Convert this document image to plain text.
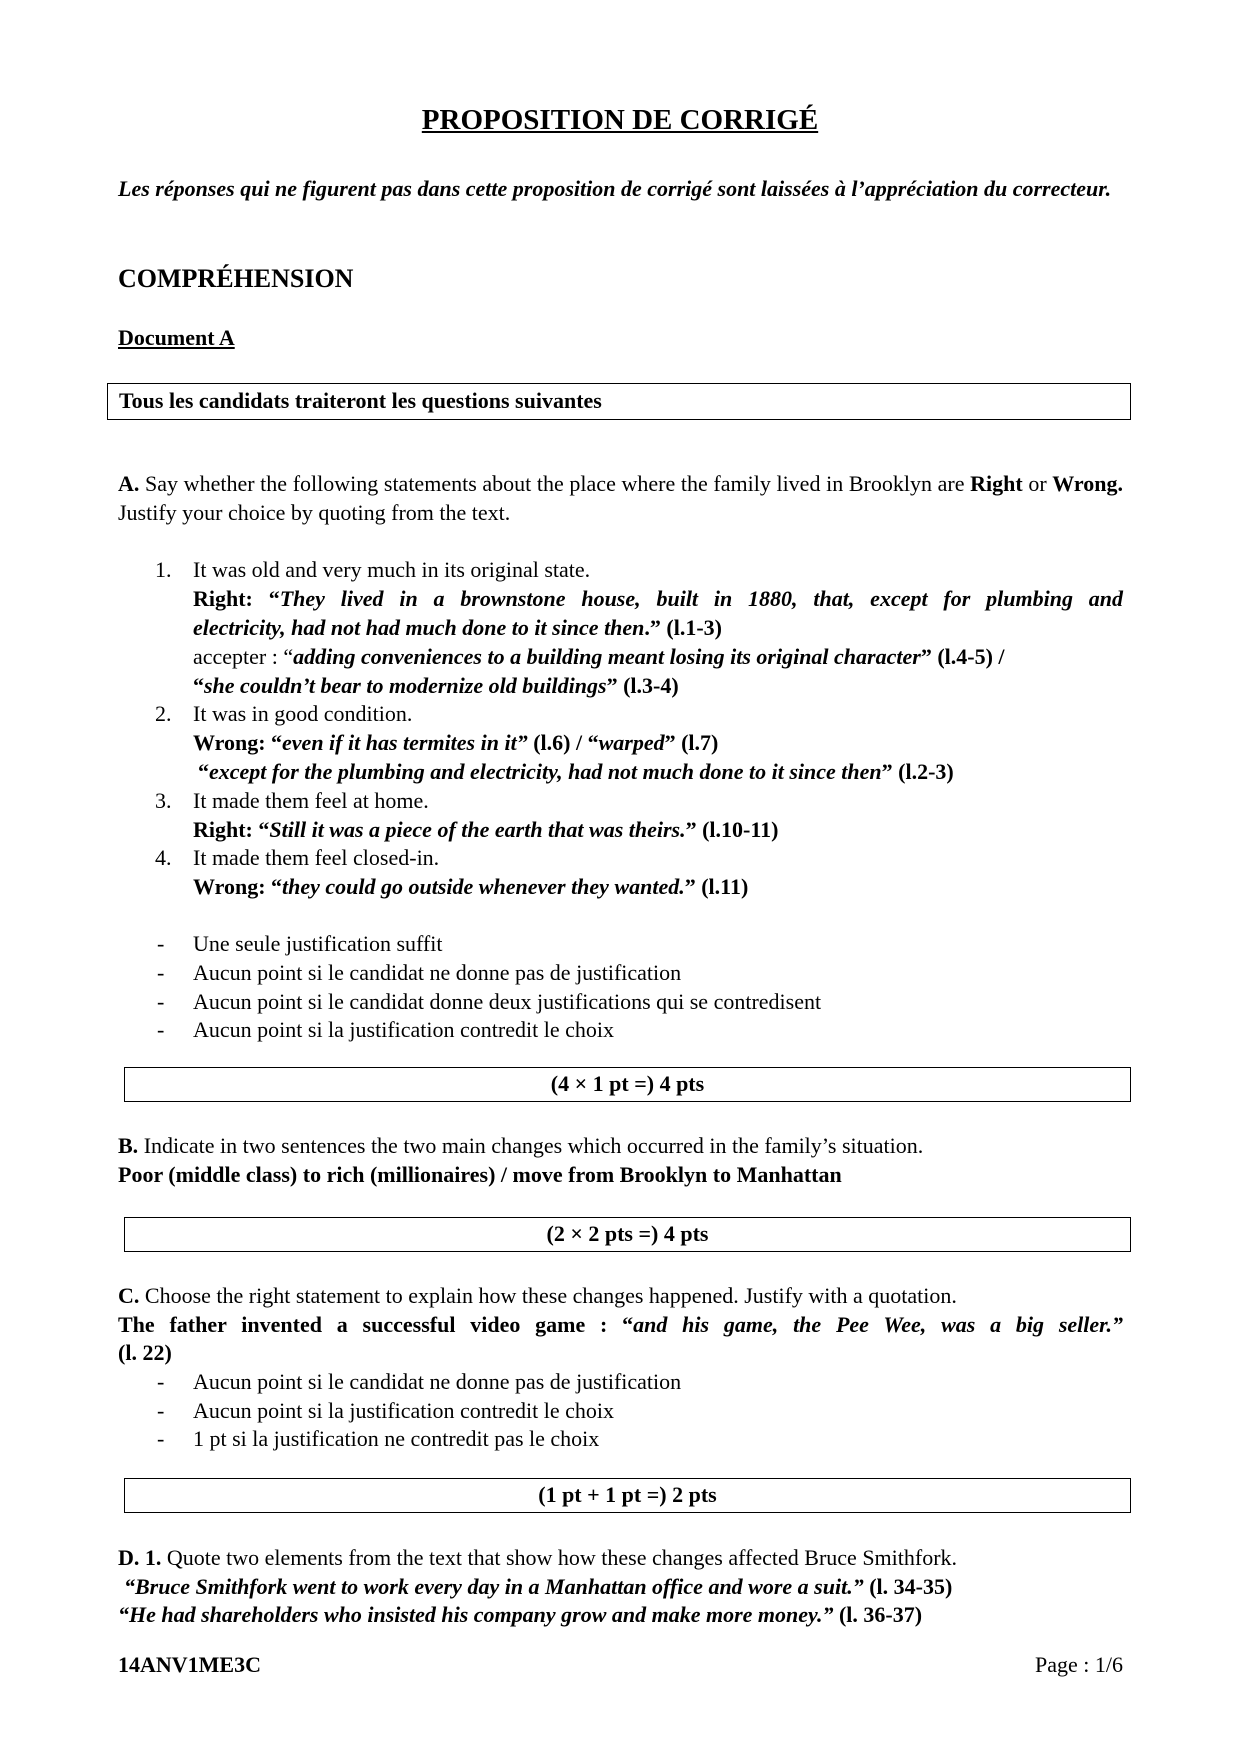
PROPOSITION DE CORRIGÉ
Les réponses qui ne figurent pas dans cette proposition de corrigé sont laissées à l’appréciation du correcteur.
COMPRÉHENSION
Document A
Tous les candidats traiteront les questions suivantes
A. Say whether the following statements about the place where the family lived in Brooklyn are Right or Wrong. Justify your choice by quoting from the text.
1. It was old and very much in its original state.
Right: “They lived in a brownstone house, built in 1880, that, except for plumbing and
electricity, had not had much done to it since then.” (l.1-3)
accepter : “adding conveniences to a building meant losing its original character” (l.4-5) /
“she couldn’t bear to modernize old buildings” (l.3-4)
2. It was in good condition.
Wrong: “even if it has termites in it” (l.6) / “warped” (l.7)
“except for the plumbing and electricity, had not much done to it since then” (l.2-3)
3. It made them feel at home.
Right: “Still it was a piece of the earth that was theirs.” (l.10-11)
4. It made them feel closed-in.
Wrong: “they could go outside whenever they wanted.” (l.11)
- Une seule justification suffit
- Aucun point si le candidat ne donne pas de justification
- Aucun point si le candidat donne deux justifications qui se contredisent
- Aucun point si la justification contredit le choix
(4 × 1 pt =) 4 pts
B. Indicate in two sentences the two main changes which occurred in the family’s situation.
Poor (middle class) to rich (millionaires) / move from Brooklyn to Manhattan
(2 × 2 pts =) 4 pts
C. Choose the right statement to explain how these changes happened. Justify with a quotation.
The father invented a successful video game : “and his game, the Pee Wee, was a big seller.”
(l. 22)
- Aucun point si le candidat ne donne pas de justification
- Aucun point si la justification contredit le choix
- 1 pt si la justification ne contredit pas le choix
(1 pt + 1 pt =) 2 pts
D. 1. Quote two elements from the text that show how these changes affected Bruce Smithfork.
“Bruce Smithfork went to work every day in a Manhattan office and wore a suit.” (l. 34-35)
“He had shareholders who insisted his company grow and make more money.” (l. 36-37)
14ANV1ME3C	Page : 1/6
